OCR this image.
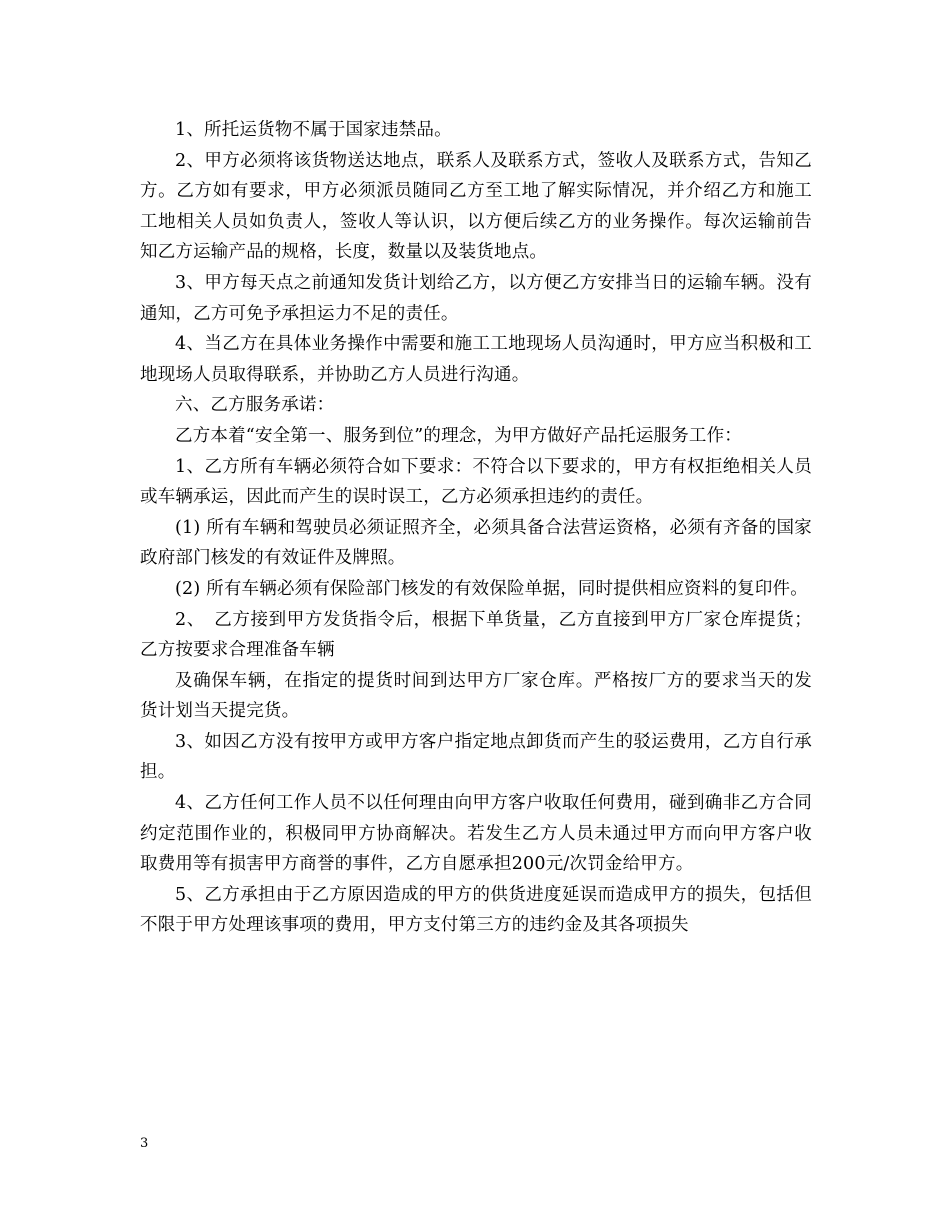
1、所托运货物不属于国家违禁品。

2、甲方必须将该货物送达地点，联系人及联系方式，签收人及联系方式，告知乙方。乙方如有要求，甲方必须派员随同乙方至工地了解实际情况，并介绍乙方和施工工地相关人员如负责人，签收人等认识，以方便后续乙方的业务操作。每次运输前告知乙方运输产品的规格，长度，数量以及装货地点。

3、甲方每天点之前通知发货计划给乙方，以方便乙方安排当日的运输车辆。没有通知，乙方可免予承担运力不足的责任。

4、当乙方在具体业务操作中需要和施工工地现场人员沟通时，甲方应当积极和工地现场人员取得联系，并协助乙方人员进行沟通。

六、乙方服务承诺：

乙方本着“安全第一、服务到位”的理念，为甲方做好产品托运服务工作：

1、乙方所有车辆必须符合如下要求：不符合以下要求的，甲方有权拒绝相关人员或车辆承运，因此而产生的误时误工，乙方必须承担违约的责任。

(1) 所有车辆和驾驶员必须证照齐全，必须具备合法营运资格，必须有齐备的国家政府部门核发的有效证件及牌照。

(2) 所有车辆必须有保险部门核发的有效保险单据，同时提供相应资料的复印件。

2、　乙方接到甲方发货指令后，根据下单货量，乙方直接到甲方厂家仓库提货；乙方按要求合理准备车辆

及确保车辆，在指定的提货时间到达甲方厂家仓库。严格按厂方的要求当天的发货计划当天提完货。

3、如因乙方没有按甲方或甲方客户指定地点卸货而产生的驳运费用，乙方自行承担。

4、乙方任何工作人员不以任何理由向甲方客户收取任何费用，碰到确非乙方合同约定范围作业的，积极同甲方协商解决。若发生乙方人员未通过甲方而向甲方客户收取费用等有损害甲方商誉的事件，乙方自愿承担200元/次罚金给甲方。

5、乙方承担由于乙方原因造成的甲方的供货进度延误而造成甲方的损失，包括但不限于甲方处理该事项的费用，甲方支付第三方的违约金及其各项损失

3
